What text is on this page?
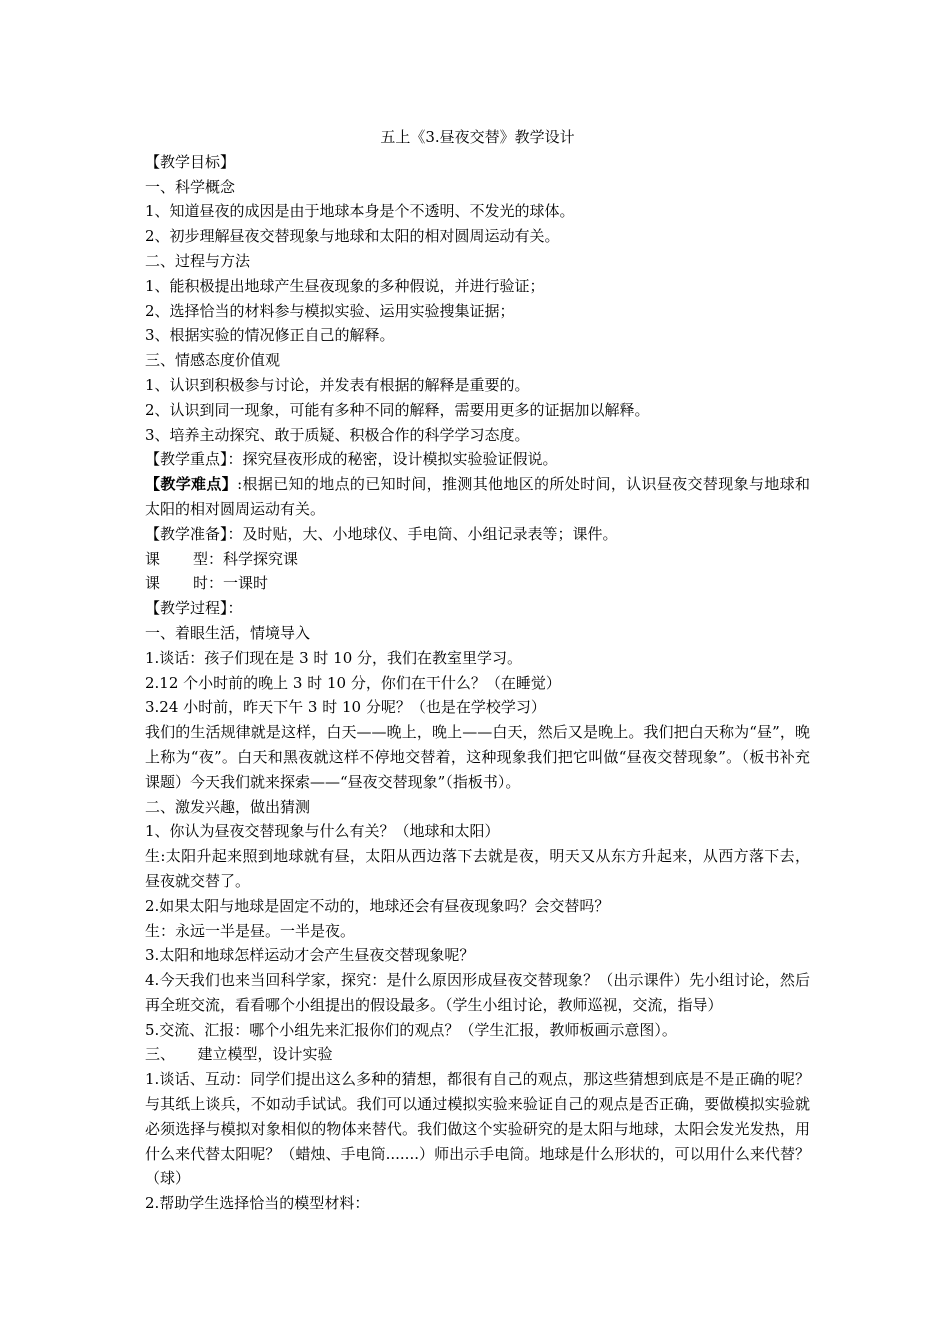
五上《3.昼夜交替》教学设计
【教学目标】
一、科学概念
1、知道昼夜的成因是由于地球本身是个不透明、不发光的球体。
2、初步理解昼夜交替现象与地球和太阳的相对圆周运动有关。
二、过程与方法
1、能积极提出地球产生昼夜现象的多种假说，并进行验证；
2、选择恰当的材料参与模拟实验、运用实验搜集证据；
3、根据实验的情况修正自己的解释。
三、情感态度价值观
1、认识到积极参与讨论，并发表有根据的解释是重要的。
2、认识到同一现象，可能有多种不同的解释，需要用更多的证据加以解释。
3、培养主动探究、敢于质疑、积极合作的科学学习态度。
【教学重点】：探究昼夜形成的秘密，设计模拟实验验证假说。
【教学难点】:根据已知的地点的已知时间，推测其他地区的所处时间，认识昼夜交替现象与地球和太阳的相对圆周运动有关。
【教学准备】：及时贴，大、小地球仪、手电筒、小组记录表等；课件。
课 型：科学探究课
课 时：一课时
【教学过程】：
一、着眼生活，情境导入
1.谈话：孩子们现在是 3 时 10 分，我们在教室里学习。
2.12 个小时前的晚上 3 时 10 分，你们在干什么？（在睡觉）
3.24 小时前，昨天下午 3 时 10 分呢？（也是在学校学习）
我们的生活规律就是这样，白天——晚上，晚上——白天，然后又是晚上。我们把白天称为“昼”，晚上称为“夜”。白天和黑夜就这样不停地交替着，这种现象我们把它叫做“昼夜交替现象”。（板书补充课题）今天我们就来探索——“昼夜交替现象”（指板书）。
二、激发兴趣，做出猜测
1、你认为昼夜交替现象与什么有关？（地球和太阳）
生:太阳升起来照到地球就有昼，太阳从西边落下去就是夜，明天又从东方升起来，从西方落下去，昼夜就交替了。
2.如果太阳与地球是固定不动的，地球还会有昼夜现象吗？会交替吗？
生：永远一半是昼。一半是夜。
3.太阳和地球怎样运动才会产生昼夜交替现象呢？
4.今天我们也来当回科学家，探究：是什么原因形成昼夜交替现象？（出示课件）先小组讨论，然后再全班交流，看看哪个小组提出的假设最多。（学生小组讨论，教师巡视，交流，指导）
5.交流、汇报：哪个小组先来汇报你们的观点？（学生汇报，教师板画示意图）。
三、　　建立模型，设计实验
1.谈话、互动：同学们提出这么多种的猜想，都很有自己的观点，那这些猜想到底是不是正确的呢？与其纸上谈兵，不如动手试试。我们可以通过模拟实验来验证自己的观点是否正确，要做模拟实验就必须选择与模拟对象相似的物体来替代。我们做这个实验研究的是太阳与地球，太阳会发光发热，用什么来代替太阳呢？（蜡烛、手电筒.......）师出示手电筒。地球是什么形状的，可以用什么来代替？（球）
2.帮助学生选择恰当的模型材料：
